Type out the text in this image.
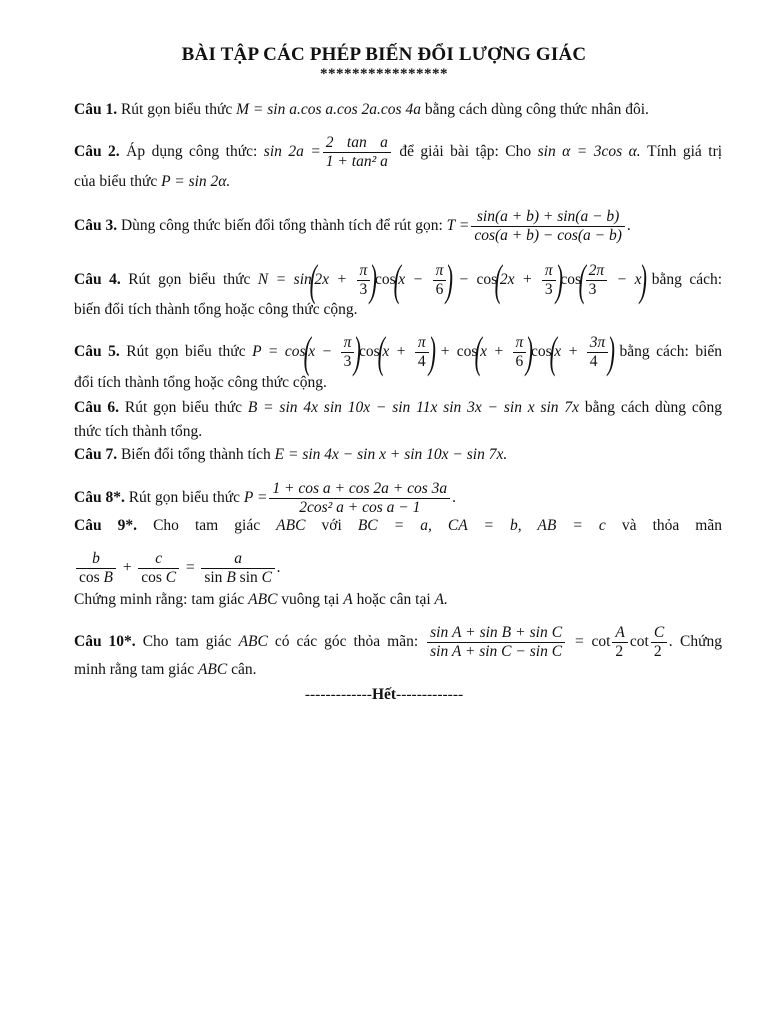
BÀI TẬP CÁC PHÉP BIẾN ĐỔI LƯỢNG GIÁC
****************
Câu 1. Rút gọn biểu thức M = sin a.cos a.cos 2a.cos 4a bằng cách dùng công thức nhân đôi.
Câu 2. Áp dụng công thức: $\sin 2a = \frac{\text{2 tan a}}{\text{1 + tan² a}}$ để giải bài tập: Cho sin α = 3cos α. Tính giá trị
của biểu thức P = sin 2α.
Câu 3. Dùng công thức biến đổi tổng thành tích để rút gọn: $T = \frac{\sin(a + b) + \sin(a - b)}{\cos(a + b) - \cos(a - b)}$ .
Câu 4. Rút gọn biểu thức $N = \sin(2x + \frac{\pi}{3} )\cos(x - \frac{\pi}{6}$ ) − $\cos(2x + \frac{\pi}{3} )\cos( \frac{2\pi}{3} - x)$ bằng cách:
biến đổi tích thành tổng hoặc công thức cộng.
Câu 5. Rút gọn biểu thức $P = \cos(x - \frac{\pi}{3} )\cos(x + \frac{\pi}{4}$ ) + $\cos(x + \frac{\pi}{6} )\cos(x + \frac{3\pi}{4}$ ) bằng cách: biến
đổi tích thành tổng hoặc công thức cộng.
Câu 6. Rút gọn biểu thức B = sin 4x sin 10x − sin 11x sin 3x − sin x sin 7x bằng cách dùng công
thức tích thành tổng.
Câu 7. Biến đổi tổng thành tích E = sin 4x − sin x + sin 10x − sin 7x.
Câu 8*. Rút gọn biểu thức $P = \frac{\text{1 + cos a + cos 2a + cos 3a}}{\text{2cos² a + cos a − 1}}$ .
Câu 9*. Cho tam giác ABC với BC = a, CA = b, AB = c và thỏa mãn
$\frac{b}{\text{cos B}} + \frac{c}{\text{cos C}} = \frac{a}{\text{sin B sin C}}$ .
Chứng minh rằng: tam giác ABC vuông tại A hoặc cân tại A.
Câu 10*. Cho tam giác ABC có các góc thỏa mãn: $\frac{\text{sin A + sin B + sin C}}{\text{sin A + sin C − sin C}} = \cot \frac{A}{2}$ $\cot \frac{C}{2}$ . Chứng
minh rằng tam giác ABC cân.
-------------Hết-------------
